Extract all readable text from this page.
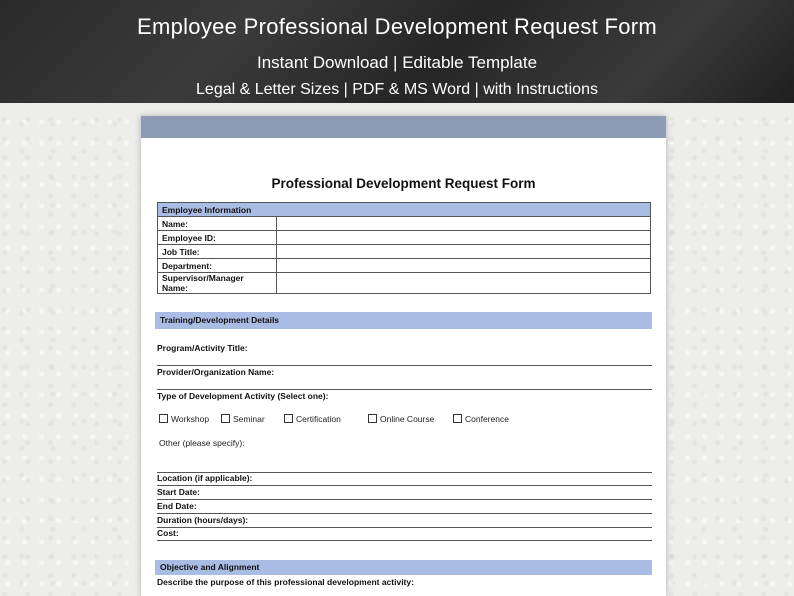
Employee Professional Development Request Form
Instant Download | Editable Template
Legal & Letter Sizes | PDF & MS Word | with Instructions
Professional Development Request Form
Employee Information	
Name:	
Employee ID:	
Job Title:	
Department:	
Supervisor/Manager Name:	
Training/Development Details
Program/Activity Title:
Provider/Organization Name:
Type of Development Activity (Select one):
Workshop	Seminar	Certification	Online Course	Conference
Other (please specify):
Location (if applicable):
Start Date:
End Date:
Duration (hours/days):
Cost:
Objective and Alignment
Describe the purpose of this professional development activity:
